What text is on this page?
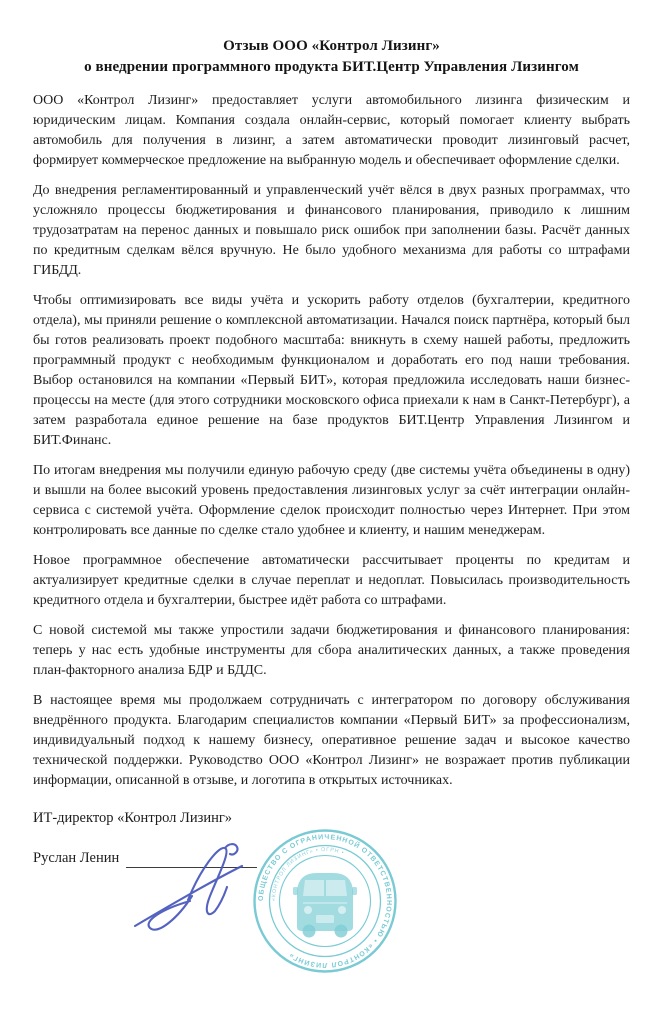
Отзыв ООО «Контрол Лизинг»
о внедрении программного продукта БИТ.Центр Управления Лизингом

ООО «Контрол Лизинг» предоставляет услуги автомобильного лизинга физическим и юридическим лицам. Компания создала онлайн-сервис, который помогает клиенту выбрать автомобиль для получения в лизинг, а затем автоматически проводит лизинговый расчет, формирует коммерческое предложение на выбранную модель и обеспечивает оформление сделки.

До внедрения регламентированный и управленческий учёт вёлся в двух разных программах, что усложняло процессы бюджетирования и финансового планирования, приводило к лишним трудозатратам на перенос данных и повышало риск ошибок при заполнении базы. Расчёт данных по кредитным сделкам вёлся вручную. Не было удобного механизма для работы со штрафами ГИБДД.

Чтобы оптимизировать все виды учёта и ускорить работу отделов (бухгалтерии, кредитного отдела), мы приняли решение о комплексной автоматизации. Начался поиск партнёра, который был бы готов реализовать проект подобного масштаба: вникнуть в схему нашей работы, предложить программный продукт с необходимым функционалом и доработать его под наши требования. Выбор остановился на компании «Первый БИТ», которая предложила исследовать наши бизнес-процессы на месте (для этого сотрудники московского офиса приехали к нам в Санкт-Петербург), а затем разработала единое решение на базе продуктов БИТ.Центр Управления Лизингом и БИТ.Финанс.

По итогам внедрения мы получили единую рабочую среду (две системы учёта объединены в одну) и вышли на более высокий уровень предоставления лизинговых услуг за счёт интеграции онлайн-сервиса с системой учёта. Оформление сделок происходит полностью через Интернет. При этом контролировать все данные по сделке стало удобнее и клиенту, и нашим менеджерам.

Новое программное обеспечение автоматически рассчитывает проценты по кредитам и актуализирует кредитные сделки в случае переплат и недоплат. Повысилась производительность кредитного отдела и бухгалтерии, быстрее идёт работа со штрафами.

С новой системой мы также упростили задачи бюджетирования и финансового планирования: теперь у нас есть удобные инструменты для сбора аналитических данных, а также проведения план-факторного анализа БДР и БДДС.

В настоящее время мы продолжаем сотрудничать с интегратором по договору обслуживания внедрённого продукта. Благодарим специалистов компании «Первый БИТ» за профессионализм, индивидуальный подход к нашему бизнесу, оперативное решение задач и высокое качество технической поддержки. Руководство ООО «Контрол Лизинг» не возражает против публикации информации, описанной в отзыве, и логотипа в открытых источниках.

ИТ-директор «Контрол Лизинг»
Руслан Ленин
ОБЩЕСТВО С ОГРАНИЧЕННОЙ ОТВЕТСТВЕННОСТЬЮ • «КОНТРОЛ ЛИЗИНГ»
«КОНТРОЛ ЛИЗИНГ» • ОГРН •
